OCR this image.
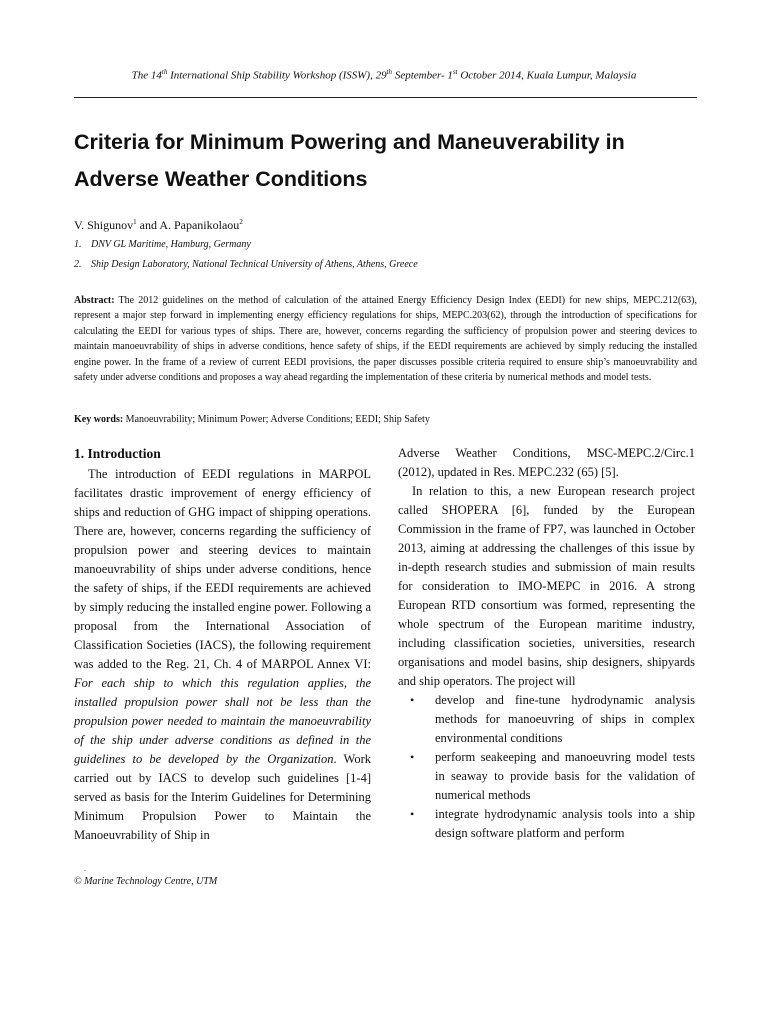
The 14th International Ship Stability Workshop (ISSW), 29th September- 1st October 2014, Kuala Lumpur, Malaysia
Criteria for Minimum Powering and Maneuverability in
Adverse Weather Conditions
V. Shigunov$^1$ and A. Papanikolaou$^2$
1. DNV GL Maritime, Hamburg, Germany
2. Ship Design Laboratory, National Technical University of Athens, Athens, Greece

Abstract: The 2012 guidelines on the method of calculation of the attained Energy Efficiency Design Index (EEDI) for new ships, MEPC.212(63), represent a major step forward in implementing energy efficiency regulations for ships, MEPC.203(62), through the introduction of specifications for calculating the EEDI for various types of ships. There are, however, concerns regarding the sufficiency of propulsion power and steering devices to maintain manoeuvrability of ships in adverse conditions, hence safety of ships, if the EEDI requirements are achieved by simply reducing the installed engine power. In the frame of a review of current EEDI provisions, the paper discusses possible criteria required to ensure ship’s manoeuvrability and safety under adverse conditions and proposes a way ahead regarding the implementation of these criteria by numerical methods and model tests.

Key words: Manoeuvrability; Minimum Power; Adverse Conditions; EEDI; Ship Safety

1. Introduction

The introduction of EEDI regulations in MARPOL facilitates drastic improvement of energy efficiency of ships and reduction of GHG impact of shipping operations. There are, however, concerns regarding the sufficiency of propulsion power and steering devices to maintain manoeuvrability of ships under adverse conditions, hence the safety of ships, if the EEDI requirements are achieved by simply reducing the installed engine power. Following a proposal from the International Association of Classification Societies (IACS), the following requirement was added to the Reg. 21, Ch. 4 of MARPOL Annex VI: For each ship to which this regulation applies, the installed propulsion power shall not be less than the propulsion power needed to maintain the manoeuvrability of the ship under adverse conditions as defined in the guidelines to be developed by the Organization. Work carried out by IACS to develop such guidelines [1-4] served as basis for the Interim Guidelines for Determining Minimum Propulsion Power to Maintain the Manoeuvrability of Ship in

Adverse Weather Conditions, MSC-MEPC.2/Circ.1 (2012), updated in Res. MEPC.232 (65) [5].

In relation to this, a new European research project called SHOPERA [6], funded by the European Commission in the frame of FP7, was launched in October 2013, aiming at addressing the challenges of this issue by in-depth research studies and submission of main results for consideration to IMO-MEPC in 2016. A strong European RTD consortium was formed, representing the whole spectrum of the European maritime industry, including classification societies, universities, research organisations and model basins, ship designers, shipyards and ship operators. The project will

• develop and fine-tune hydrodynamic analysis methods for manoeuvring of ships in complex environmental conditions
• perform seakeeping and manoeuvring model tests in seaway to provide basis for the validation of numerical methods
• integrate hydrodynamic analysis tools into a ship design software platform and perform
.
© Marine Technology Centre, UTM
